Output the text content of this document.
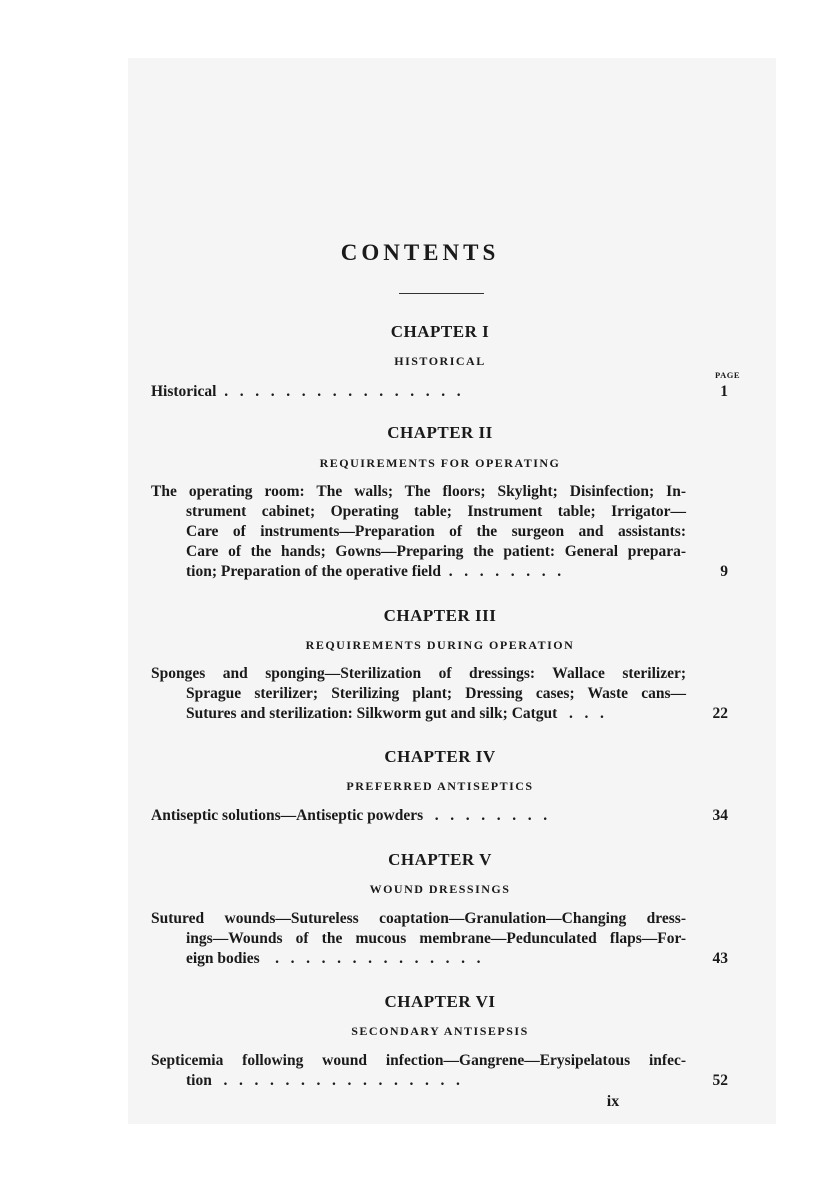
CONTENTS
CHAPTER I
HISTORICAL
PAGE
Historical  .   .   .   .   .   .   .   .   .   .   .   .   .   .   .   .	1
CHAPTER II
REQUIREMENTS FOR OPERATING
The operating room: The walls; The floors; Skylight; Disinfection; In-
strument cabinet; Operating table; Instrument table; Irrigator—
Care of instruments—Preparation of the surgeon and assistants:
Care of the hands; Gowns—Preparing the patient: General prepara-
tion; Preparation of the operative field  .   .   .   .   .   .   .   .	9
CHAPTER III
REQUIREMENTS DURING OPERATION
Sponges and sponging—Sterilization of dressings: Wallace sterilizer;
Sprague sterilizer; Sterilizing plant; Dressing cases; Waste cans—
Sutures and sterilization: Silkworm gut and silk; Catgut   .   .   .	22
CHAPTER IV
PREFERRED ANTISEPTICS
Antiseptic solutions—Antiseptic powders   .   .   .   .   .   .   .   .	34
CHAPTER V
WOUND DRESSINGS
Sutured wounds—Sutureless coaptation—Granulation—Changing dress-
ings—Wounds of the mucous membrane—Pedunculated flaps—For-
eign bodies    .   .   .   .   .   .   .   .   .   .   .   .   .   .	43
CHAPTER VI
SECONDARY ANTISEPSIS
Septicemia following wound infection—Gangrene—Erysipelatous infec-
tion   .   .   .   .   .   .   .   .   .   .   .   .   .   .   .   .	52
ix
